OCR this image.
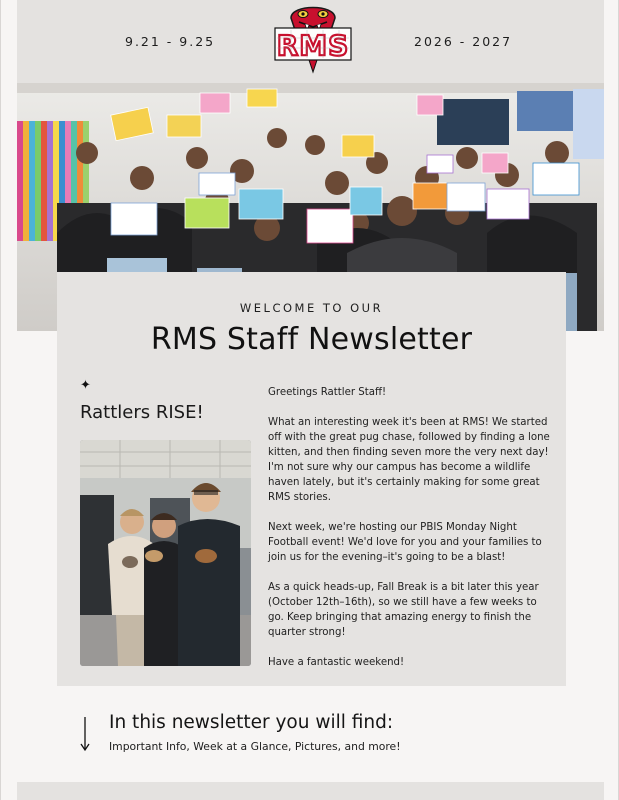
9.21 - 9.25	2026 - 2027
RMS
WELCOME TO OUR
RMS Staff Newsletter
✦
Rattlers RISE!

Greetings Rattler Staff!

What an interesting week it's been at RMS! We started off with the great pug chase, followed by finding a lone kitten, and then finding seven more the very next day! I'm not sure why our campus has become a wildlife haven lately, but it's certainly making for some great RMS stories.

Next week, we're hosting our PBIS Monday Night Football event! We'd love for you and your families to join us for the evening–it's going to be a blast!

As a quick heads-up, Fall Break is a bit later this year (October 12th–16th), so we still have a few weeks to go. Keep bringing that amazing energy to finish the quarter strong!

Have a fantastic weekend!

In this newsletter you will find:
Important Info, Week at a Glance, Pictures, and more!
